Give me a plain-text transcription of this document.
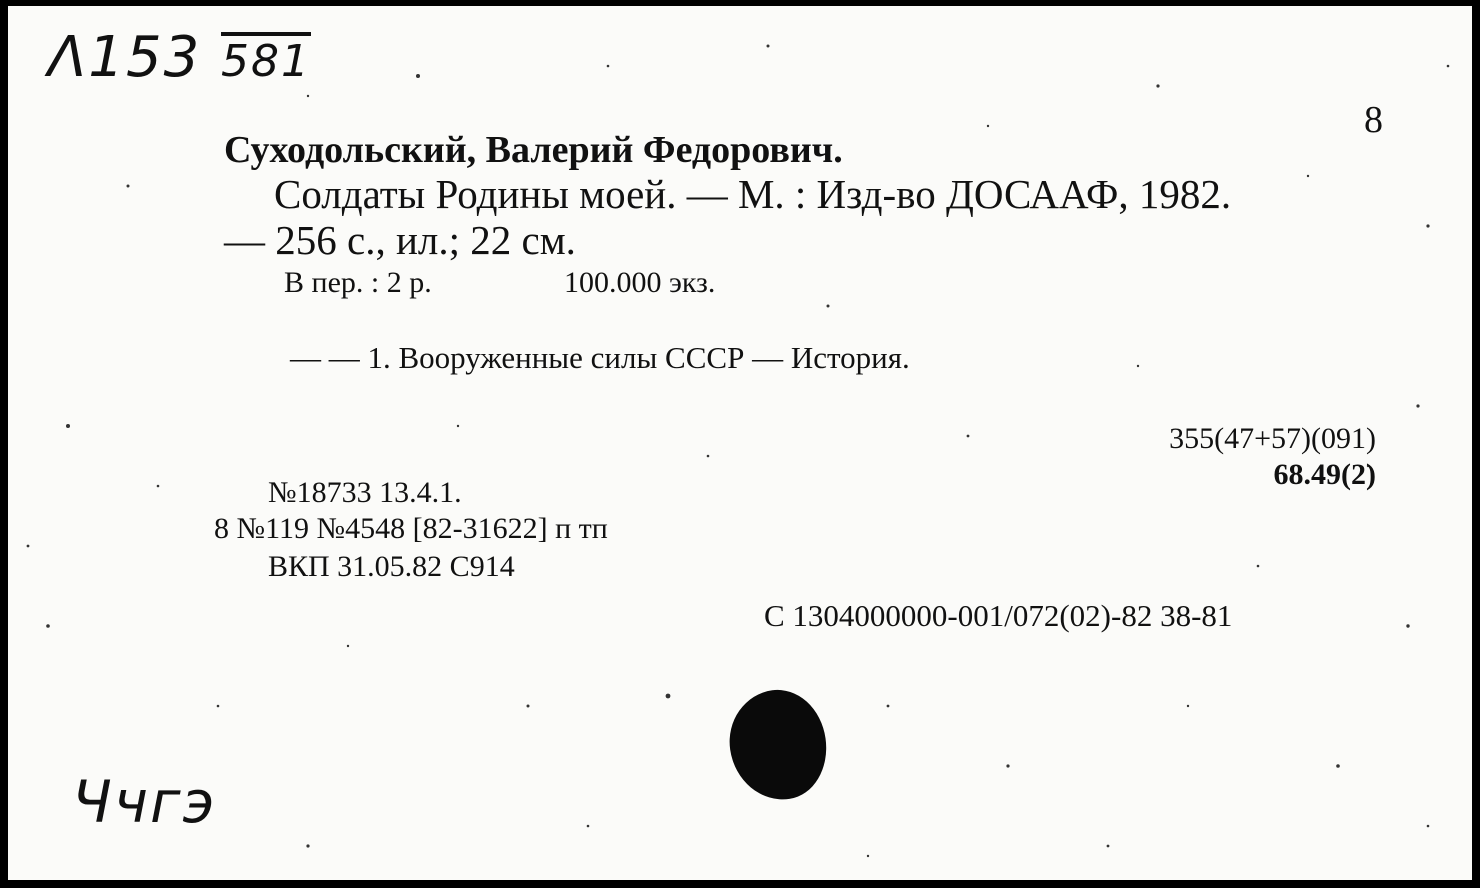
Λ153 581
8
Суходольский, Валерий Федорович.
Солдаты Родины моей. — М. : Изд-во ДОСААФ, 1982.
— 256 с., ил.; 22 см.
В пер. : 2 р.	100.000 экз.
— — 1. Вооруженные силы СССР — История.
355(47+57)(091)
68.49(2)
№18733 13.4.1.
8 №119 №4548 [82-31622] п тп
ВКП 31.05.82 С914
С 1304000000-001/072(02)-82 38-81
Ччгэ
